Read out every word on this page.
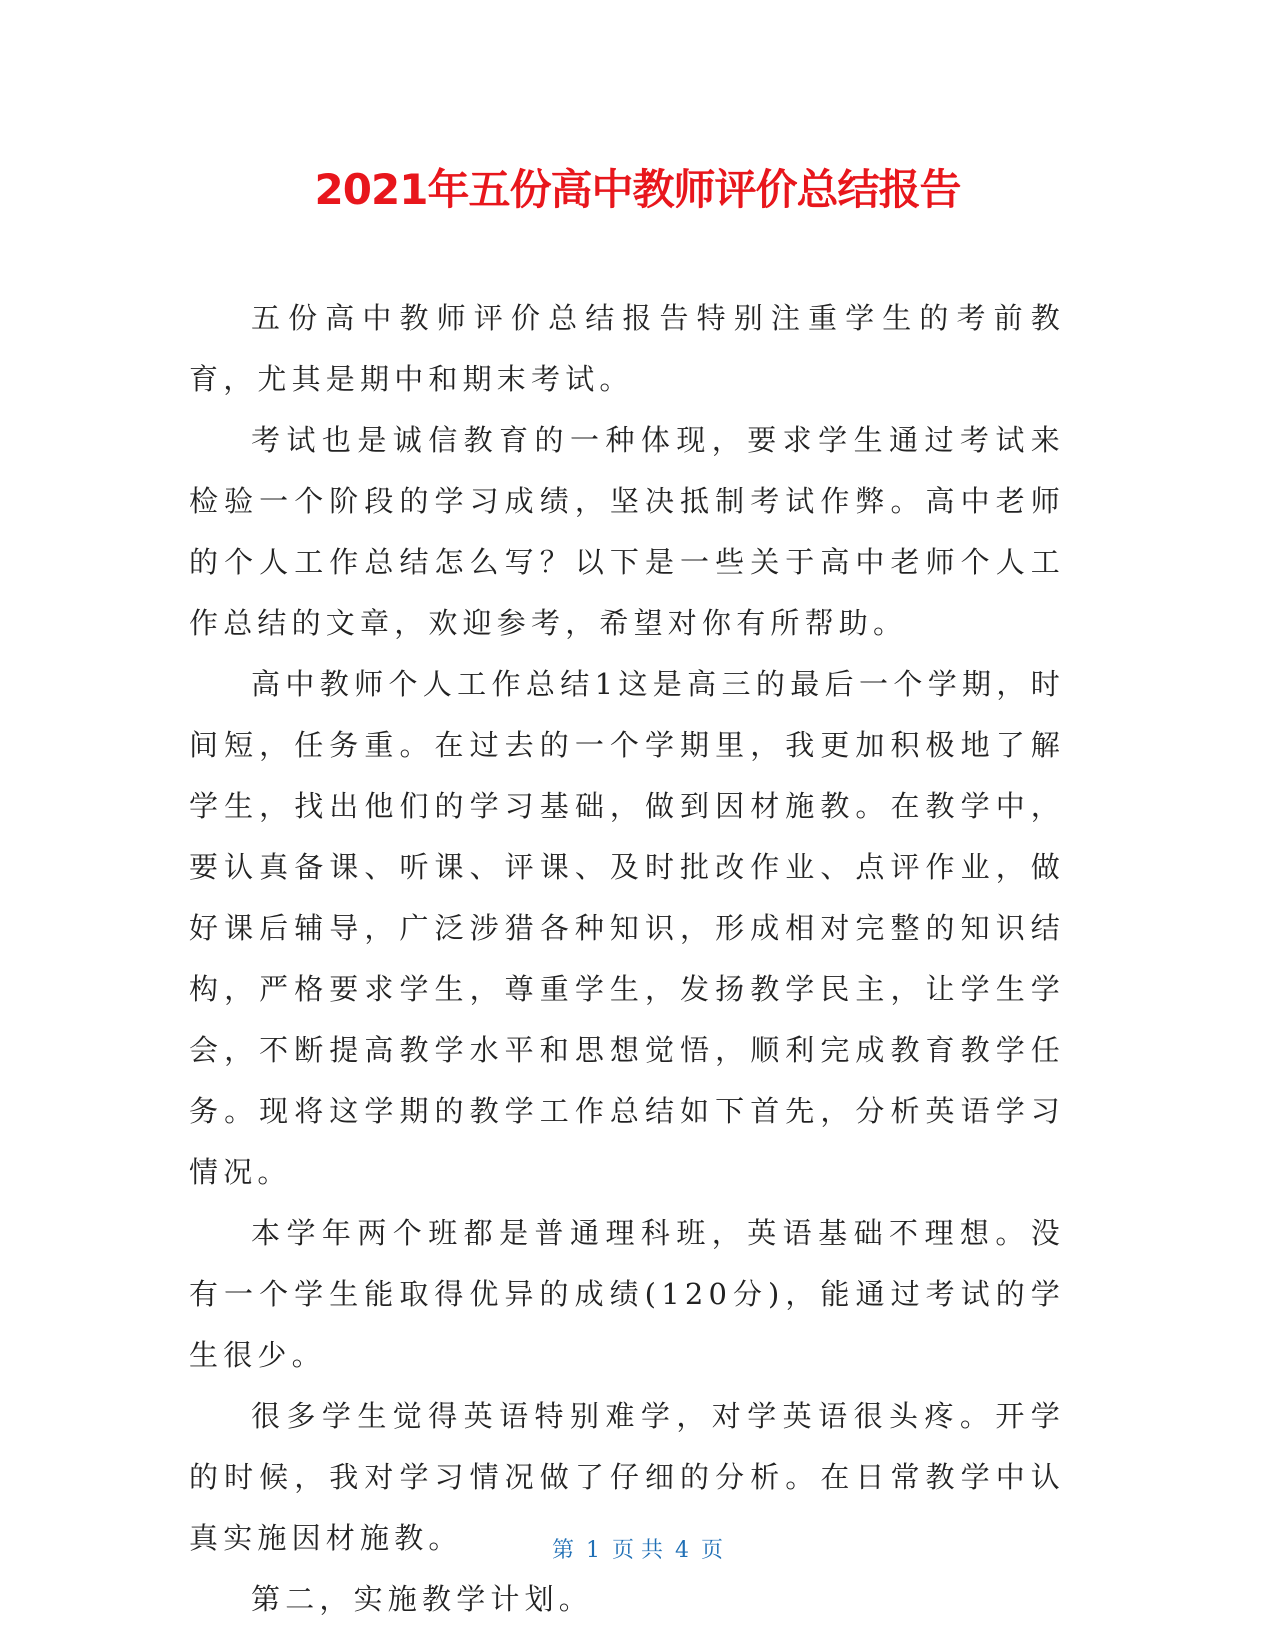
2021年五份高中教师评价总结报告

五份高中教师评价总结报告特别注重学生的考前教育，尤其是期中和期末考试。

考试也是诚信教育的一种体现，要求学生通过考试来检验一个阶段的学习成绩，坚决抵制考试作弊。高中老师的个人工作总结怎么写？以下是一些关于高中老师个人工作总结的文章，欢迎参考，希望对你有所帮助。

高中教师个人工作总结1这是高三的最后一个学期，时间短，任务重。在过去的一个学期里，我更加积极地了解学生，找出他们的学习基础，做到因材施教。在教学中，要认真备课、听课、评课、及时批改作业、点评作业，做好课后辅导，广泛涉猎各种知识，形成相对完整的知识结构，严格要求学生，尊重学生，发扬教学民主，让学生学会，不断提高教学水平和思想觉悟，顺利完成教育教学任务。现将这学期的教学工作总结如下首先，分析英语学习情况。

本学年两个班都是普通理科班，英语基础不理想。没有一个学生能取得优异的成绩(120分)，能通过考试的学生很少。

很多学生觉得英语特别难学，对学英语很头疼。开学的时候，我对学习情况做了仔细的分析。在日常教学中认真实施因材施教。

第二，实施教学计划。

第 1 页 共 4 页
